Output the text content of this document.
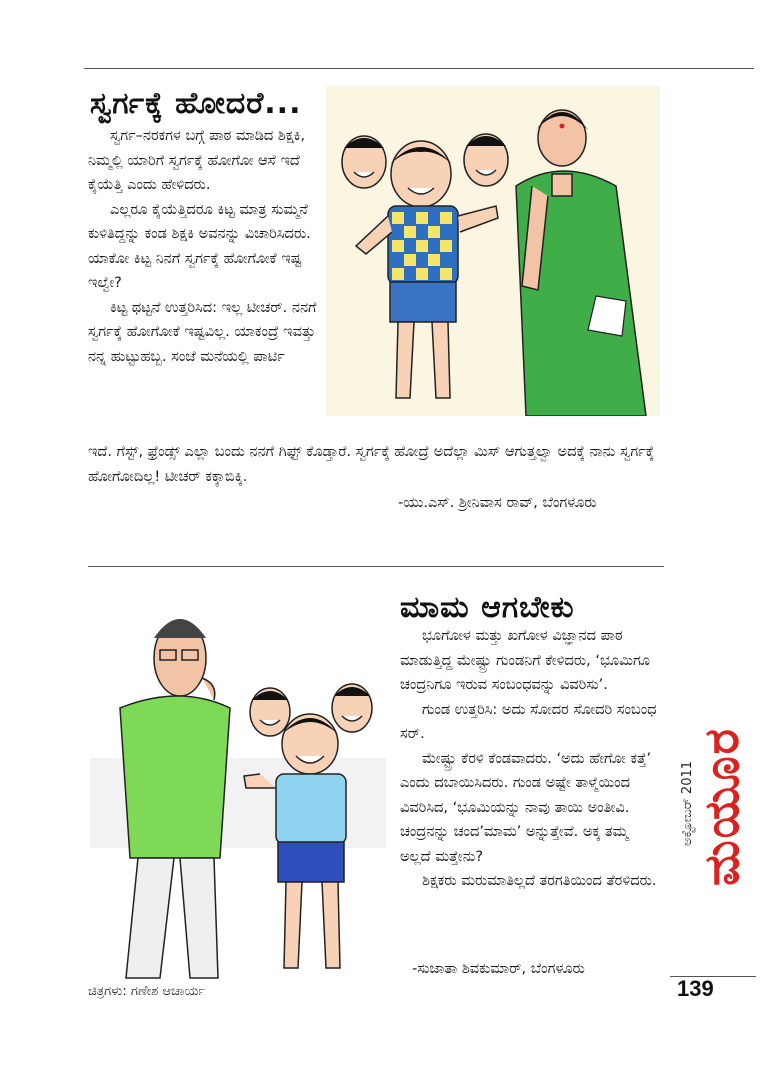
ಸ್ವರ್ಗಕ್ಕೆ ಹೋದರೆ...

ಸ್ವರ್ಗ–ನರಕಗಳ ಬಗ್ಗೆ ಪಾಠ ಮಾಡಿದ ಶಿಕ್ಷಕಿ, ನಿಮ್ಮಲ್ಲಿ ಯಾರಿಗೆ ಸ್ವರ್ಗಕ್ಕೆ ಹೋಗೋ ಆಸೆ ಇದೆ ಕೈಯೆತ್ತಿ ಎಂದು ಹೇಳಿದರು.

ಎಲ್ಲರೂ ಕೈಯೆತ್ತಿದರೂ ಕಿಟ್ಟ ಮಾತ್ರ ಸುಮ್ಮನೆ ಕುಳಿತಿದ್ದನ್ನು ಕಂಡ ಶಿಕ್ಷಕಿ ಅವನನ್ನು ವಿಚಾರಿಸಿದರು. ಯಾಕೋ ಕಿಟ್ಟ ನಿನಗೆ ಸ್ವರ್ಗಕ್ಕೆ ಹೋಗೋಕೆ ಇಷ್ಟ ಇಲ್ವೇ?

ಕಿಟ್ಟ ಥಟ್ಟನೆ ಉತ್ತರಿಸಿದ: ಇಲ್ಲ ಟೀಚರ್. ನನಗೆ ಸ್ವರ್ಗಕ್ಕೆ ಹೋಗೋಕೆ ಇಷ್ಟವಿಲ್ಲ. ಯಾಕಂದ್ರೆ ಇವತ್ತು ನನ್ನ ಹುಟ್ಟುಹಬ್ಬ. ಸಂಜೆ ಮನೆಯಲ್ಲಿ ಪಾರ್ಟಿ

ಇದೆ. ಗೆಸ್ಟ್, ಫ್ರೆಂಡ್ಸ್ ಎಲ್ಲಾ ಬಂದು ನನಗೆ ಗಿಫ್ಟ್ ಕೊಡ್ತಾರೆ. ಸ್ವರ್ಗಕ್ಕೆ ಹೋದ್ರೆ ಅದೆಲ್ಲಾ ಮಿಸ್ ಆಗುತ್ತಲ್ವಾ ಅದಕ್ಕೆ ನಾನು ಸ್ವರ್ಗಕ್ಕೆ ಹೋಗೋದಿಲ್ಲ! ಟೀಚರ್ ಕಕ್ಕಾಬಿಕ್ಕಿ.

-ಯು.ಎಸ್. ಶ್ರೀನಿವಾಸ ರಾವ್, ಬೆಂಗಳೂರು
ಮಾಮ ಆಗಬೇಕು

ಭೂಗೋಳ ಮತ್ತು ಖಗೋಳ ವಿಜ್ಞಾನದ ಪಾಠ ಮಾಡುತ್ತಿದ್ದ ಮೇಷ್ಟ್ರು ಗುಂಡನಿಗೆ ಕೇಳಿದರು, ‘ಭೂಮಿಗೂ ಚಂದ್ರನಿಗೂ ಇರುವ ಸಂಬಂಧವನ್ನು ವಿವರಿಸು’.

ಗುಂಡ ಉತ್ತರಿಸಿ: ಅದು ಸೋದರ ಸೋದರಿ ಸಂಬಂಧ ಸರ್.

ಮೇಷ್ಟ್ರು ಕೆರಳಿ ಕೆಂಡವಾದರು. ‘ಅದು ಹೇಗೋ ಕತ್ತೆ’ ಎಂದು ದಬಾಯಿಸಿದರು. ಗುಂಡ ಅಷ್ಟೇ ತಾಳ್ಮೆಯಿಂದ ವಿವರಿಸಿದ, ‘ಭೂಮಿಯನ್ನು ನಾವು ತಾಯಿ ಅಂತೀವಿ. ಚಂದ್ರನನ್ನು ಚಂದ’ಮಾಮ’ ಅನ್ನುತ್ತೇವೆ. ಅಕ್ಕ ತಮ್ಮ ಅಲ್ಲದೆ ಮತ್ತೇನು?

ಶಿಕ್ಷಕರು ಮರುಮಾತಿಲ್ಲದೆ ತರಗತಿಯಿಂದ ತೆರಳಿದರು.

-ಸುಜಾತಾ ಶಿವಕುಮಾರ್, ಬೆಂಗಳೂರು
ಚಿತ್ರಗಳು: ಗಣೇಶ ಆಚಾರ್ಯ
ಮಯೂರ
ಅಕ್ಟೋಬರ್ 2011
139
